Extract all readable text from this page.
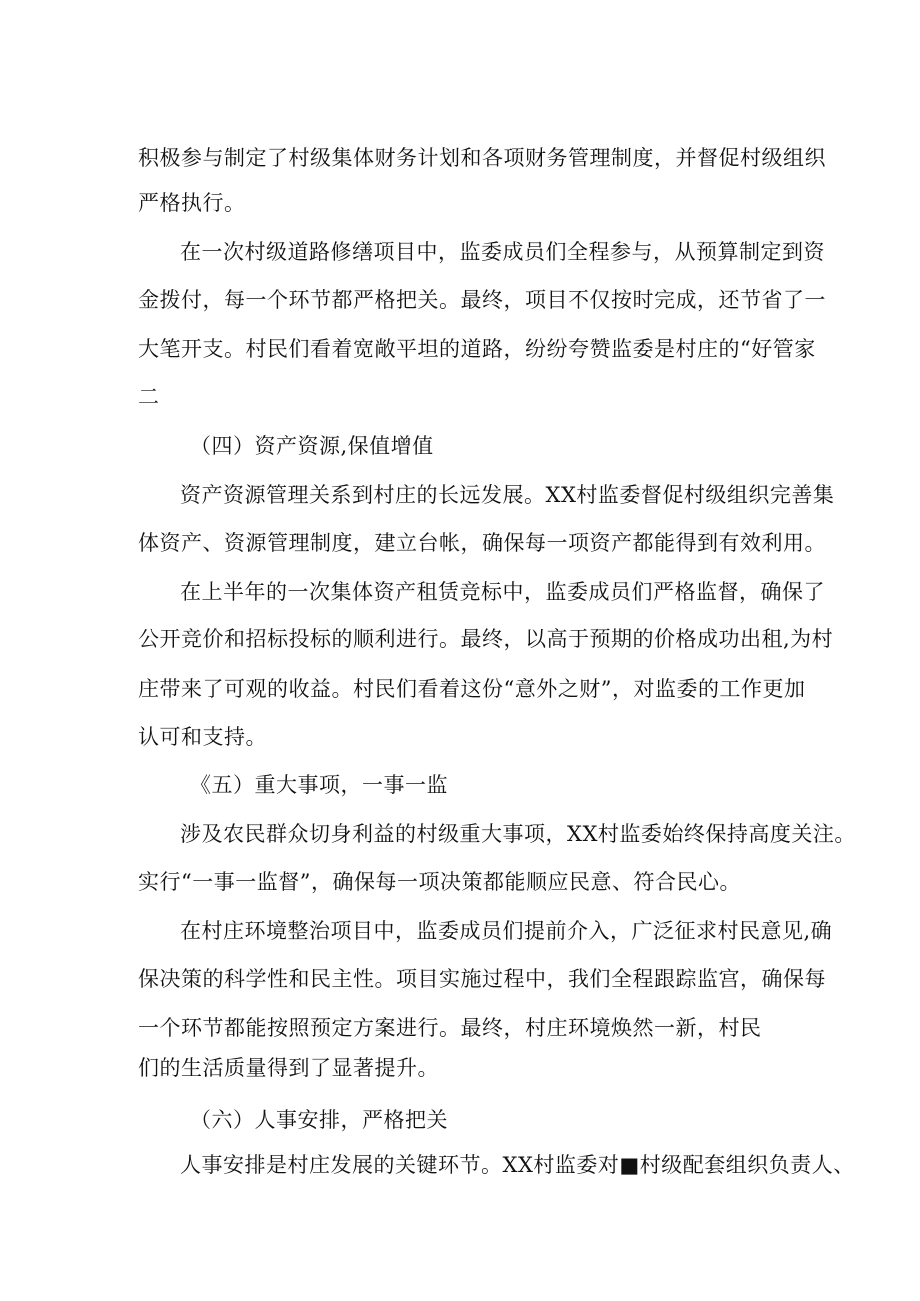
积极参与制定了村级集体财务计划和各项财务管理制度，并督促村级组织
严格执行。
在一次村级道路修缮项目中，监委成员们全程参与，从预算制定到资
金拨付，每一个环节都严格把关。最终，项目不仅按时完成，还节省了一
大笔开支。村民们看着宽敞平坦的道路，纷纷夸赞监委是村庄的“好管家
二
（四）资产资源,保值增值
资产资源管理关系到村庄的长远发展。XX村监委督促村级组织完善集
体资产、资源管理制度，建立台帐，确保每一项资产都能得到有效利用。
在上半年的一次集体资产租赁竞标中，监委成员们严格监督，确保了
公开竞价和招标投标的顺利进行。最终，以高于预期的价格成功出租,为村
庄带来了可观的收益。村民们看着这份“意外之财”，对监委的工作更加
认可和支持。
《五）重大事项，一事一监
涉及农民群众切身利益的村级重大事项，XX村监委始终保持高度关注。
实行“一事一监督”，确保每一项决策都能顺应民意、符合民心。
在村庄环境整治项目中，监委成员们提前介入，广泛征求村民意见,确
保决策的科学性和民主性。项目实施过程中，我们全程跟踪监宫，确保每
一个环节都能按照预定方案进行。最终，村庄环境焕然一新，村民
们的生活质量得到了显著提升。
（六）人事安排，严格把关
人事安排是村庄发展的关键环节。XX村监委对■村级配套组织负责人、
